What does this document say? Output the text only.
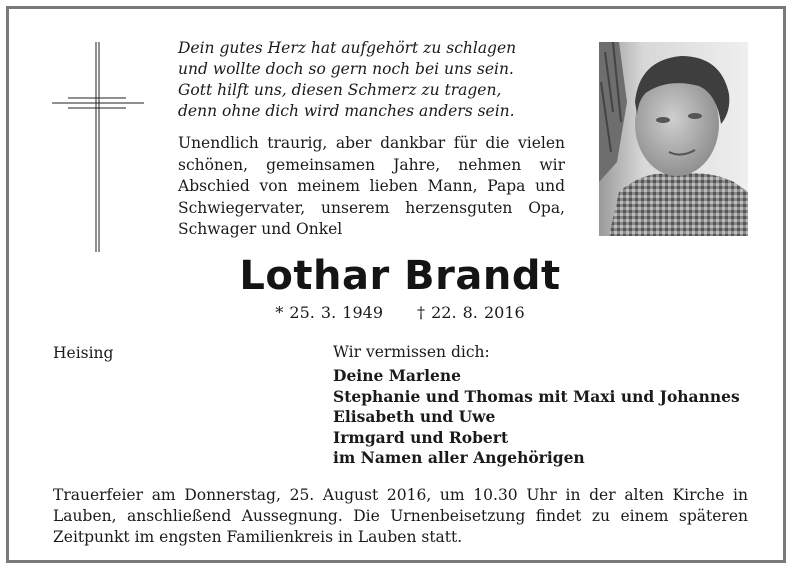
Dein gutes Herz hat aufgehört zu schlagen
und wollte doch so gern noch bei uns sein.
Gott hilft uns, diesen Schmerz zu tragen,
denn ohne dich wird manches anders sein.
Unendlich traurig, aber dankbar für die vielen schönen, gemeinsamen Jahre, nehmen wir Abschied von meinem lieben Mann, Papa und Schwiegervater, unserem herzensguten Opa, Schwager und Onkel
Lothar Brandt
* 25. 3. 1949 † 22. 8. 2016
Heising	Wir vermissen dich:
Deine Marlene
Stephanie und Thomas mit Maxi und Johannes
Elisabeth und Uwe
Irmgard und Robert
im Namen aller Angehörigen
Trauerfeier am Donnerstag, 25. August 2016, um 10.30 Uhr in der alten Kirche in Lauben, anschließend Aussegnung. Die Urnenbeisetzung findet zu einem späteren Zeitpunkt im engsten Familienkreis in Lauben statt.
